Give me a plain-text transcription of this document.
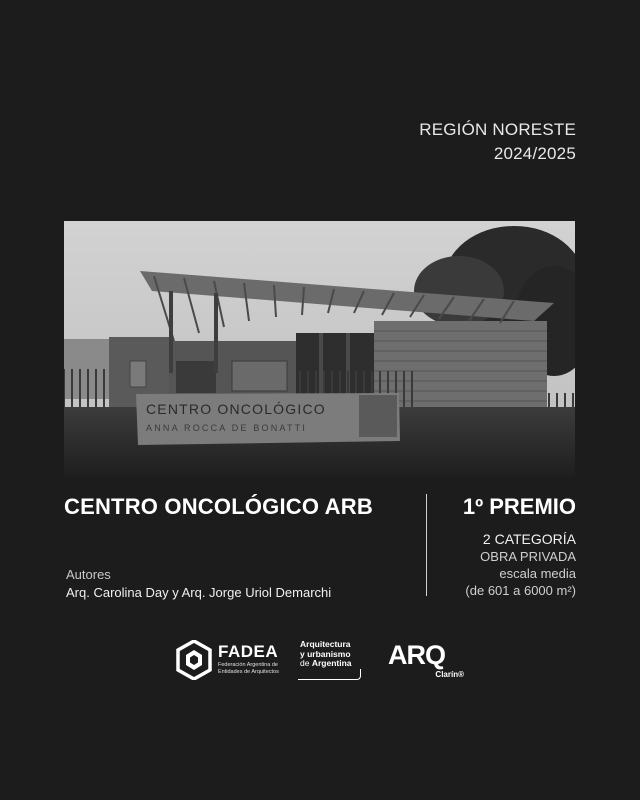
REGIÓN NORESTE
2024/2025
CENTRO ONCOLÓGICO
ANNA ROCCA DE BONATTI
CENTRO ONCOLÓGICO ARB	1º PREMIO
2 CATEGORÍA
OBRA PRIVADA
escala media
(de 601 a 6000 m²)
Autores
Arq. Carolina Day y Arq. Jorge Uriol Demarchi
FADEA
Federación Argentina de Entidades de Arquitectos
Arquitectura
y urbanismo
de Argentina	ARQ
Clarín®
